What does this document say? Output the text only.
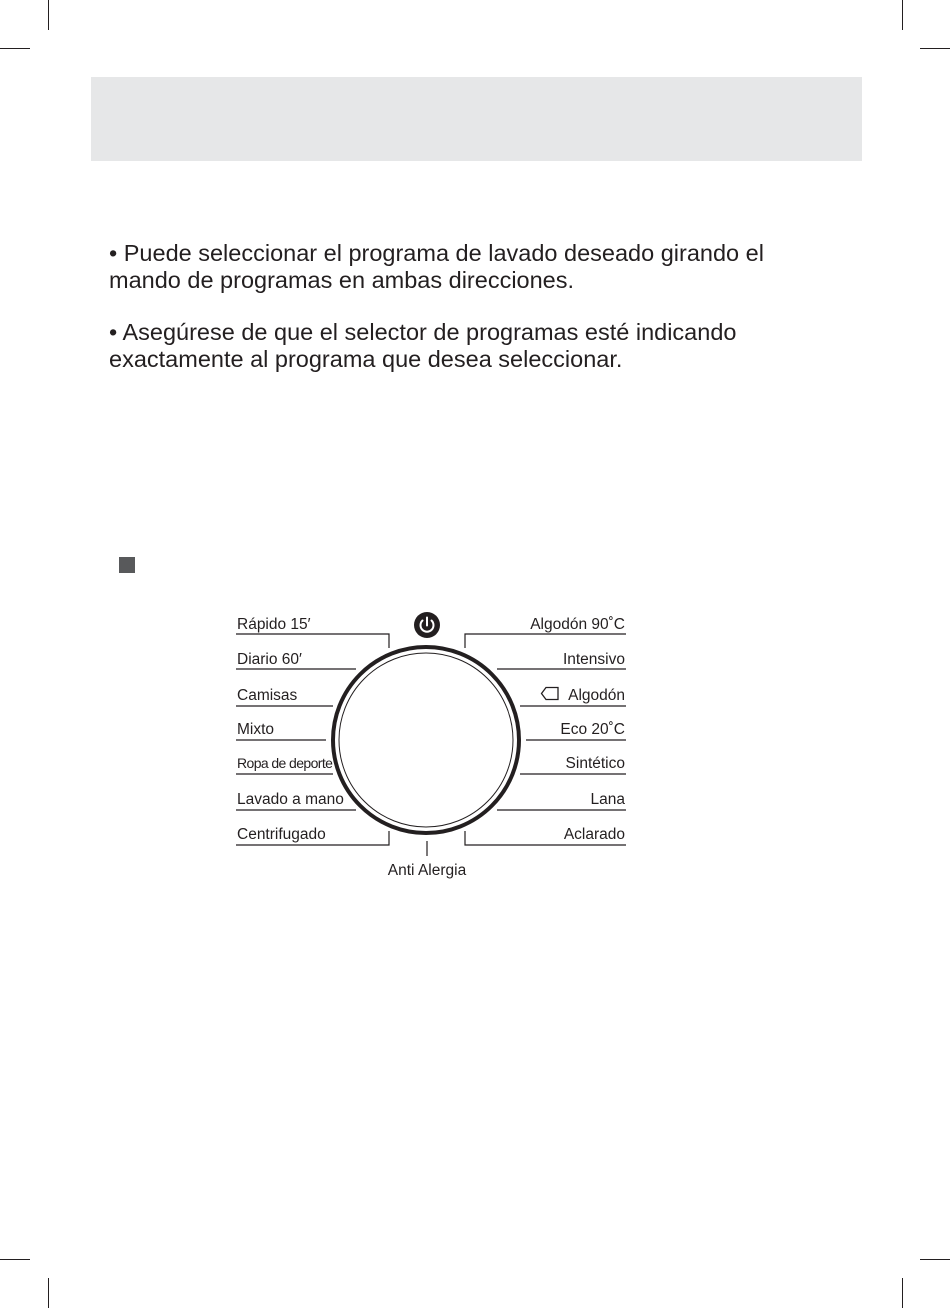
• Puede seleccionar el programa de lavado deseado girando el
mando de programas en ambas direcciones.

• Asegúrese de que el selector de programas esté indicando
exactamente al programa que desea seleccionar.

Rápido 15′
Diario 60′
Camisas
Mixto
Ropa de deporte
Lavado a mano
Centrifugado
Algodón 90˚C
Intensivo
Algodón
Eco 20˚C
Sintético
Lana
Aclarado
Anti Alergia
